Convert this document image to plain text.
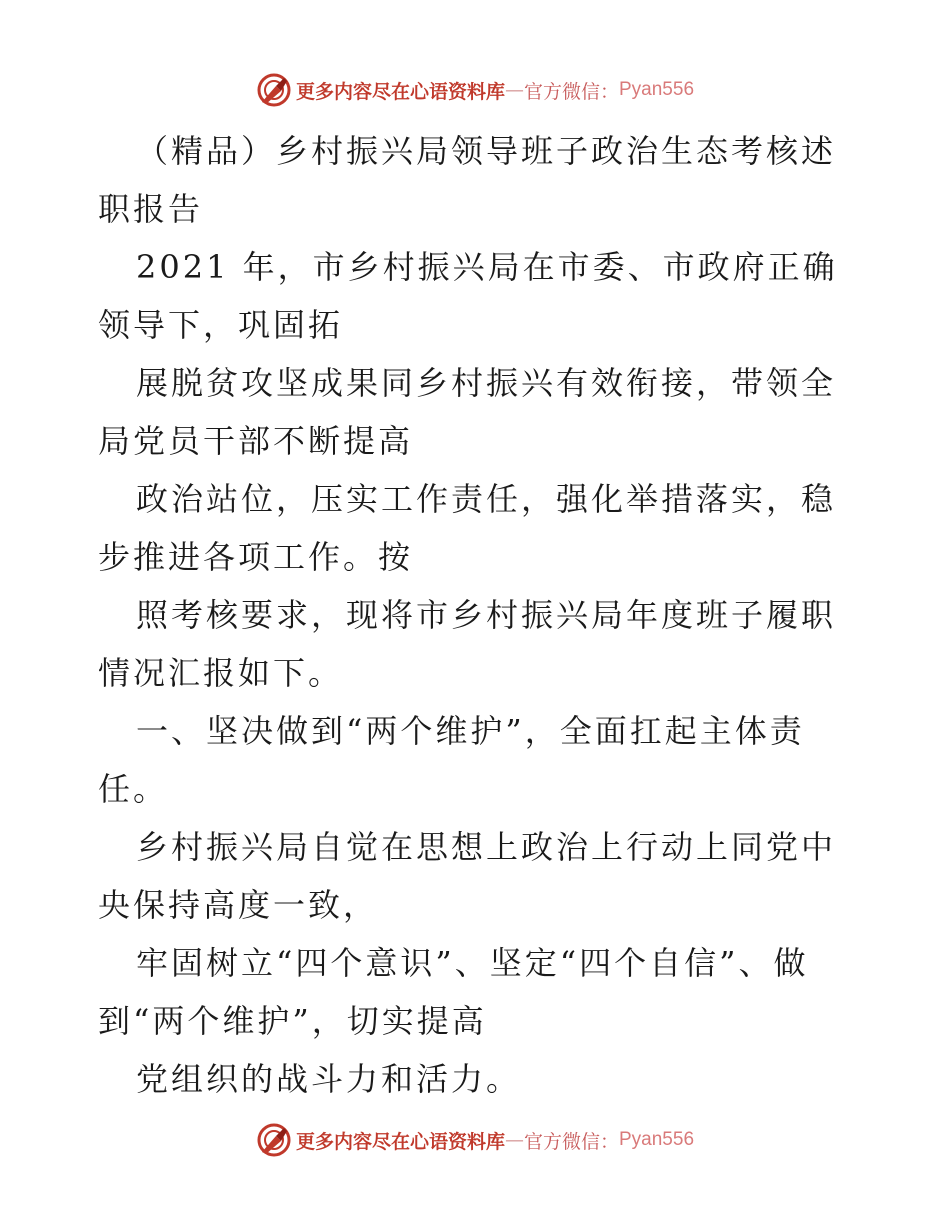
更多内容尽在心语资料库 — 官方微信： Pyan556

（精品）乡村振兴局领导班子政治生态考核述职报告

2021 年，市乡村振兴局在市委、市政府正确领导下，巩固拓

展脱贫攻坚成果同乡村振兴有效衔接，带领全局党员干部不断提高

政治站位，压实工作责任，强化举措落实，稳步推进各项工作。按

照考核要求，现将市乡村振兴局年度班子履职情况汇报如下。

一、坚决做到“两个维护”，全面扛起主体责任。

乡村振兴局自觉在思想上政治上行动上同党中央保持高度一致，

牢固树立“四个意识”、坚定“四个自信”、做到“两个维护”，切实提高

党组织的战斗力和活力。

更多内容尽在心语资料库 — 官方微信： Pyan556
